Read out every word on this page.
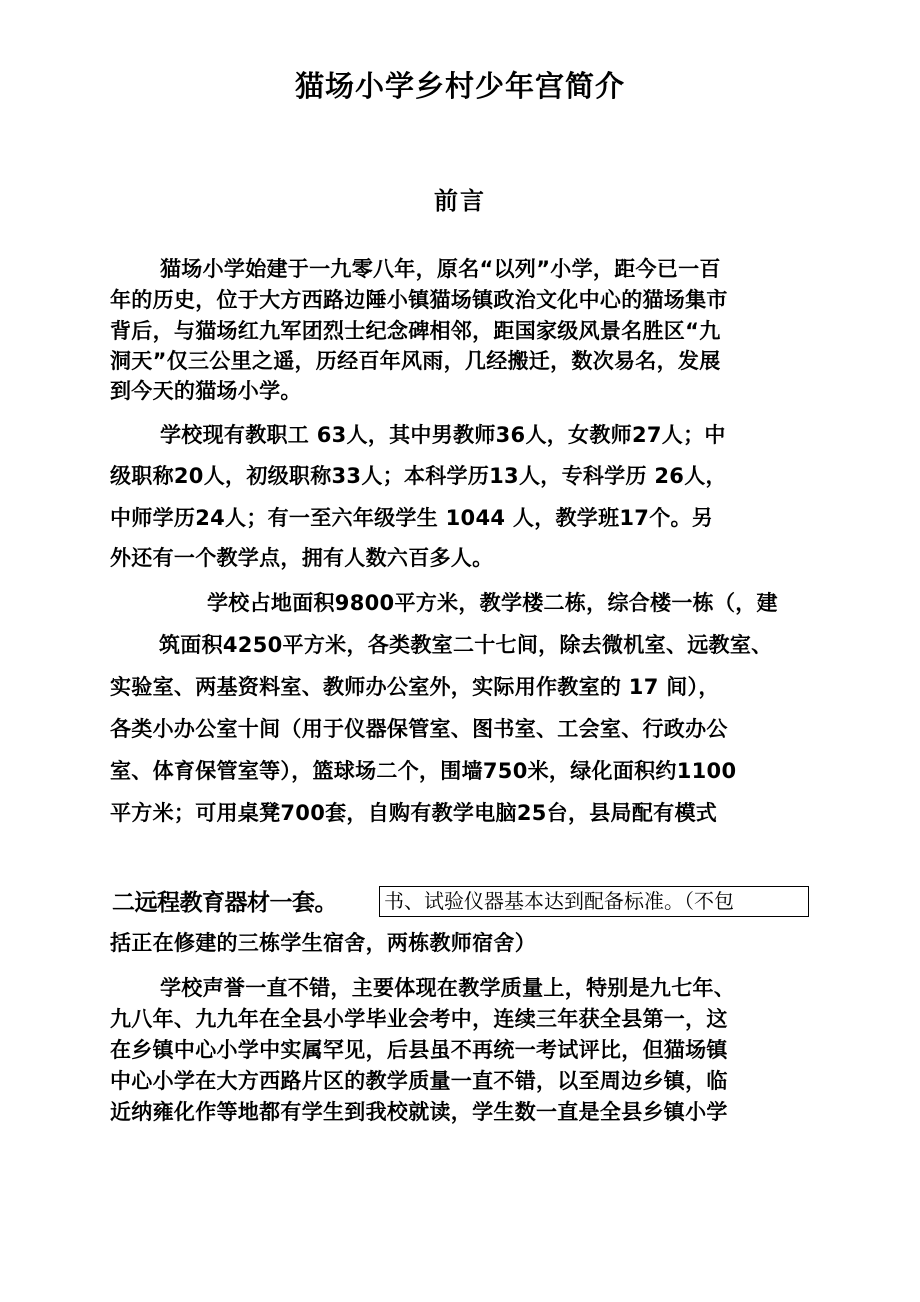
猫场小学乡村少年宫简介
前言
猫场小学始建于一九零八年，原名“以列”小学，距今已一百
年的历史，位于大方西路边陲小镇猫场镇政治文化中心的猫场集市
背后，与猫场红九军团烈士纪念碑相邻，距国家级风景名胜区“九
洞天”仅三公里之遥，历经百年风雨，几经搬迁，数次易名，发展
到今天的猫场小学。
学校现有教职工 63人，其中男教师36人，女教师27人；中
级职称20人，初级职称33人；本科学历13人，专科学历 26人，
中师学历24人；有一至六年级学生 1044 人，教学班17个。另
外还有一个教学点，拥有人数六百多人。
学校占地面积9800平方米，教学楼二栋，综合楼一栋（，建
筑面积4250平方米，各类教室二十七间，除去微机室、远教室、
实验室、两基资料室、教师办公室外，实际用作教室的 17 间），
各类小办公室十间（用于仪器保管室、图书室、工会室、行政办公
室、体育保管室等），篮球场二个，围墙750米，绿化面积约1100
平方米；可用桌凳700套，自购有教学电脑25台，县局配有模式
二远程教育器材一套。 书、试验仪器基本达到配备标准。（不包
括正在修建的三栋学生宿舍，两栋教师宿舍）
学校声誉一直不错，主要体现在教学质量上，特别是九七年、
九八年、九九年在全县小学毕业会考中，连续三年获全县第一，这
在乡镇中心小学中实属罕见，后县虽不再统一考试评比，但猫场镇
中心小学在大方西路片区的教学质量一直不错，以至周边乡镇，临
近纳雍化作等地都有学生到我校就读，学生数一直是全县乡镇小学
